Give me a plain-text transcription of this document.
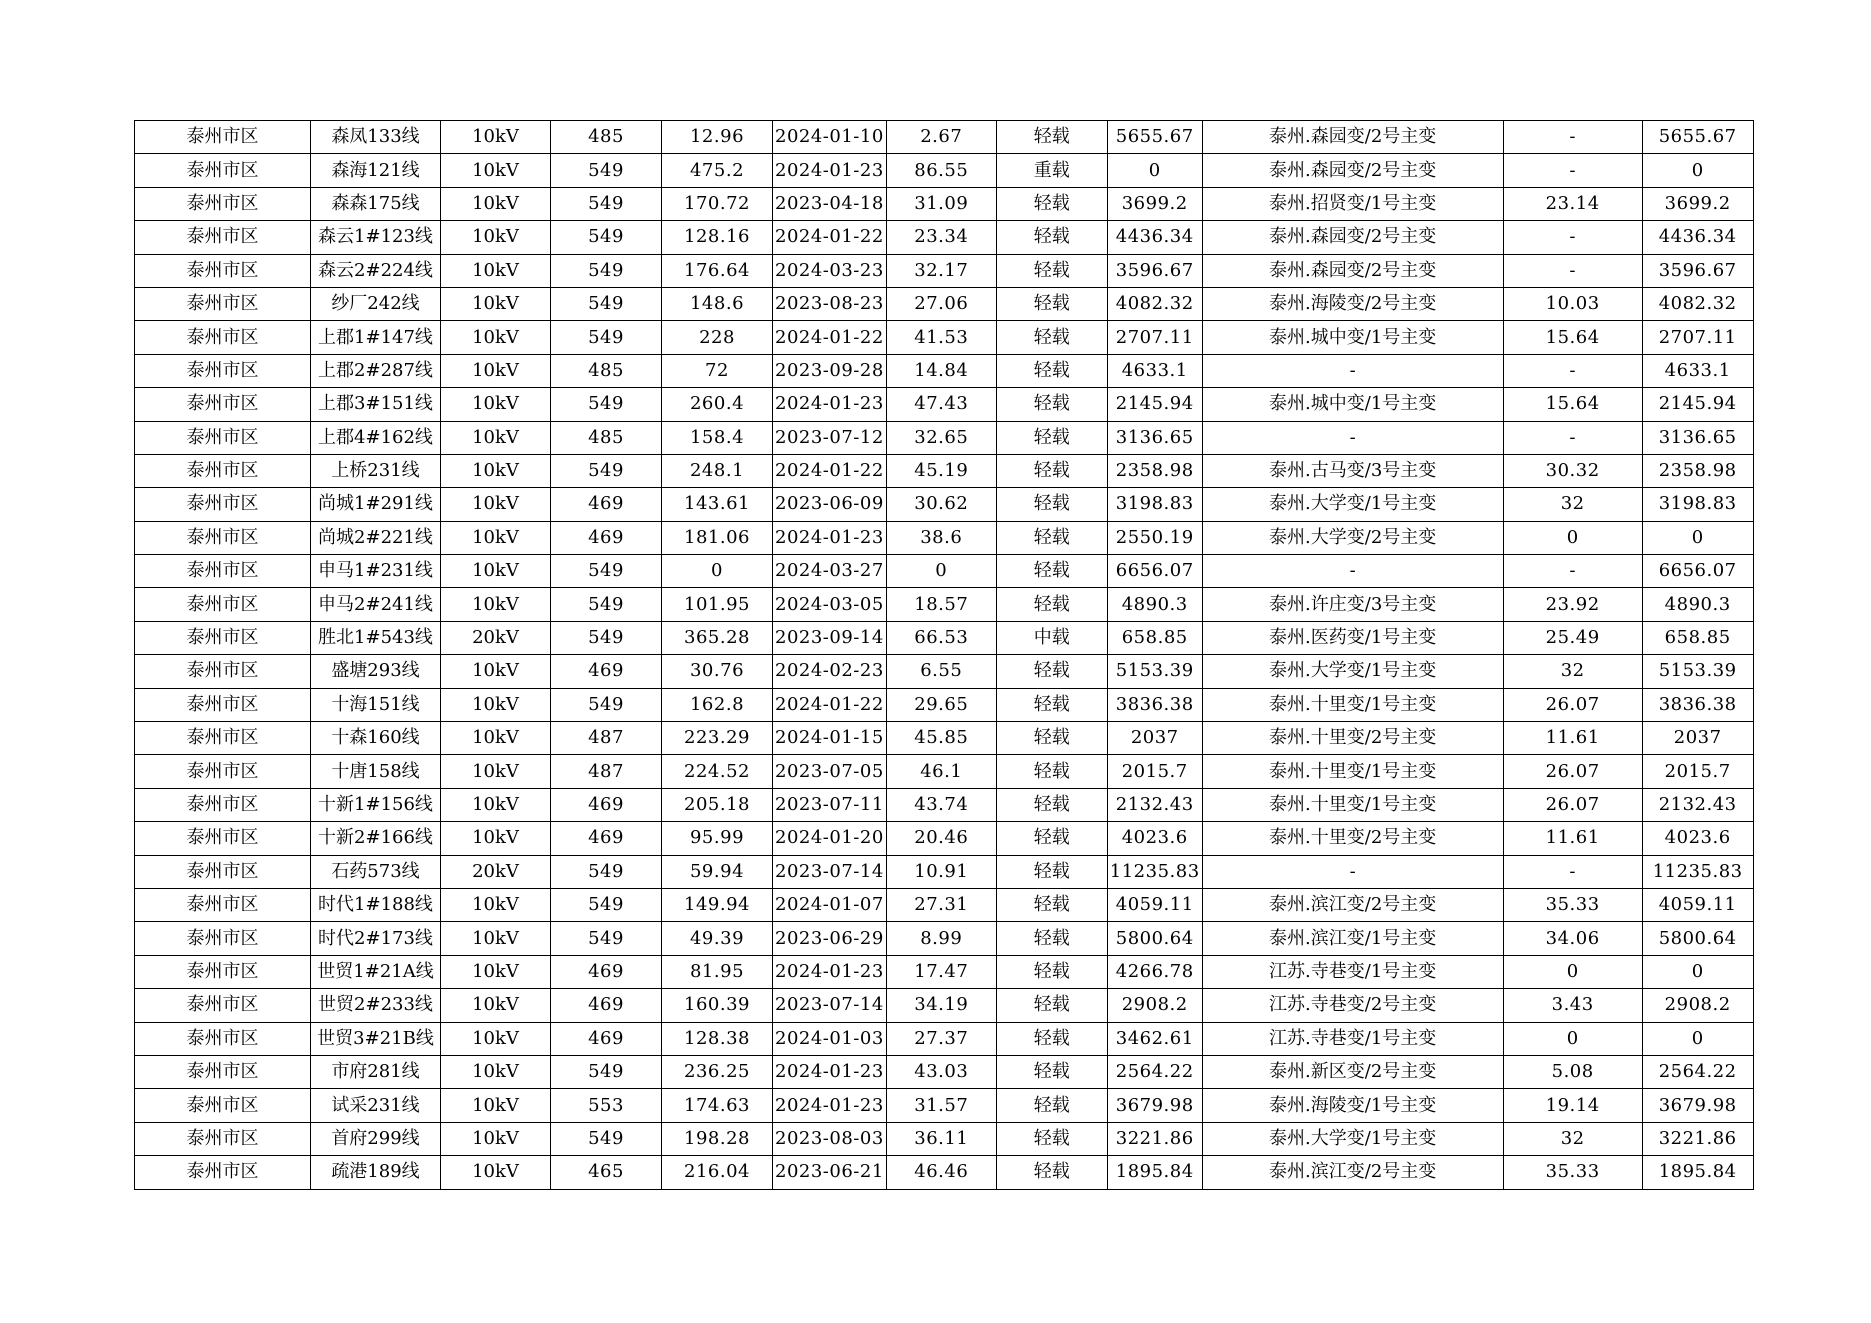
泰州市区	森凤133线	10kV	485	12.96	2024-01-10	2.67	轻载	5655.67	泰州.森园变/2号主变	-	5655.67
泰州市区	森海121线	10kV	549	475.2	2024-01-23	86.55	重载	0	泰州.森园变/2号主变	-	0
泰州市区	森森175线	10kV	549	170.72	2023-04-18	31.09	轻载	3699.2	泰州.招贤变/1号主变	23.14	3699.2
泰州市区	森云1#123线	10kV	549	128.16	2024-01-22	23.34	轻载	4436.34	泰州.森园变/2号主变	-	4436.34
泰州市区	森云2#224线	10kV	549	176.64	2024-03-23	32.17	轻载	3596.67	泰州.森园变/2号主变	-	3596.67
泰州市区	纱厂242线	10kV	549	148.6	2023-08-23	27.06	轻载	4082.32	泰州.海陵变/2号主变	10.03	4082.32
泰州市区	上郡1#147线	10kV	549	228	2024-01-22	41.53	轻载	2707.11	泰州.城中变/1号主变	15.64	2707.11
泰州市区	上郡2#287线	10kV	485	72	2023-09-28	14.84	轻载	4633.1	-	-	4633.1
泰州市区	上郡3#151线	10kV	549	260.4	2024-01-23	47.43	轻载	2145.94	泰州.城中变/1号主变	15.64	2145.94
泰州市区	上郡4#162线	10kV	485	158.4	2023-07-12	32.65	轻载	3136.65	-	-	3136.65
泰州市区	上桥231线	10kV	549	248.1	2024-01-22	45.19	轻载	2358.98	泰州.古马变/3号主变	30.32	2358.98
泰州市区	尚城1#291线	10kV	469	143.61	2023-06-09	30.62	轻载	3198.83	泰州.大学变/1号主变	32	3198.83
泰州市区	尚城2#221线	10kV	469	181.06	2024-01-23	38.6	轻载	2550.19	泰州.大学变/2号主变	0	0
泰州市区	申马1#231线	10kV	549	0	2024-03-27	0	轻载	6656.07	-	-	6656.07
泰州市区	申马2#241线	10kV	549	101.95	2024-03-05	18.57	轻载	4890.3	泰州.许庄变/3号主变	23.92	4890.3
泰州市区	胜北1#543线	20kV	549	365.28	2023-09-14	66.53	中载	658.85	泰州.医药变/1号主变	25.49	658.85
泰州市区	盛塘293线	10kV	469	30.76	2024-02-23	6.55	轻载	5153.39	泰州.大学变/1号主变	32	5153.39
泰州市区	十海151线	10kV	549	162.8	2024-01-22	29.65	轻载	3836.38	泰州.十里变/1号主变	26.07	3836.38
泰州市区	十森160线	10kV	487	223.29	2024-01-15	45.85	轻载	2037	泰州.十里变/2号主变	11.61	2037
泰州市区	十唐158线	10kV	487	224.52	2023-07-05	46.1	轻载	2015.7	泰州.十里变/1号主变	26.07	2015.7
泰州市区	十新1#156线	10kV	469	205.18	2023-07-11	43.74	轻载	2132.43	泰州.十里变/1号主变	26.07	2132.43
泰州市区	十新2#166线	10kV	469	95.99	2024-01-20	20.46	轻载	4023.6	泰州.十里变/2号主变	11.61	4023.6
泰州市区	石药573线	20kV	549	59.94	2023-07-14	10.91	轻载	11235.83	-	-	11235.83
泰州市区	时代1#188线	10kV	549	149.94	2024-01-07	27.31	轻载	4059.11	泰州.滨江变/2号主变	35.33	4059.11
泰州市区	时代2#173线	10kV	549	49.39	2023-06-29	8.99	轻载	5800.64	泰州.滨江变/1号主变	34.06	5800.64
泰州市区	世贸1#21A线	10kV	469	81.95	2024-01-23	17.47	轻载	4266.78	江苏.寺巷变/1号主变	0	0
泰州市区	世贸2#233线	10kV	469	160.39	2023-07-14	34.19	轻载	2908.2	江苏.寺巷变/2号主变	3.43	2908.2
泰州市区	世贸3#21B线	10kV	469	128.38	2024-01-03	27.37	轻载	3462.61	江苏.寺巷变/1号主变	0	0
泰州市区	市府281线	10kV	549	236.25	2024-01-23	43.03	轻载	2564.22	泰州.新区变/2号主变	5.08	2564.22
泰州市区	试采231线	10kV	553	174.63	2024-01-23	31.57	轻载	3679.98	泰州.海陵变/1号主变	19.14	3679.98
泰州市区	首府299线	10kV	549	198.28	2023-08-03	36.11	轻载	3221.86	泰州.大学变/1号主变	32	3221.86
泰州市区	疏港189线	10kV	465	216.04	2023-06-21	46.46	轻载	1895.84	泰州.滨江变/2号主变	35.33	1895.84
